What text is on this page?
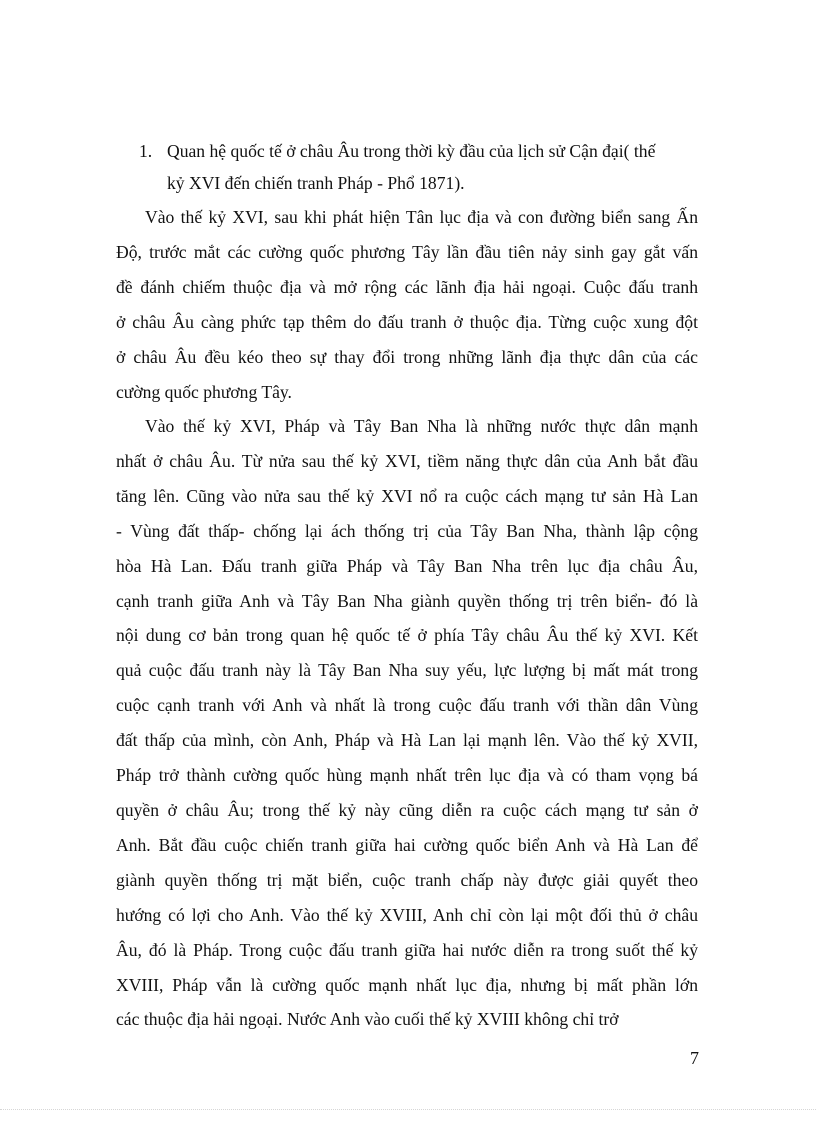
1. Quan hệ quốc tế ở châu Âu trong thời kỳ đầu của lịch sử Cận đại( thế
kỷ XVI đến chiến tranh Pháp - Phổ 1871).
Vào thế kỷ XVI, sau khi phát hiện Tân lục địa và con đường biển sang Ấn
Độ, trước mắt các cường quốc phương Tây lần đầu tiên nảy sinh gay gắt vấn
đề đánh chiếm thuộc địa và mở rộng các lãnh địa hải ngoại. Cuộc đấu tranh
ở châu Âu càng phức tạp thêm do đấu tranh ở thuộc địa. Từng cuộc xung đột
ở châu Âu đều kéo theo sự thay đổi trong những lãnh địa thực dân của các
cường quốc phương Tây.
Vào thế kỷ XVI, Pháp và Tây Ban Nha là những nước thực dân mạnh
nhất ở châu Âu. Từ nửa sau thế kỷ XVI, tiềm năng thực dân của Anh bắt đầu
tăng lên. Cũng vào nửa sau thế kỷ XVI nổ ra cuộc cách mạng tư sản Hà Lan
- Vùng đất thấp- chống lại ách thống trị của Tây Ban Nha, thành lập cộng
hòa Hà Lan. Đấu tranh giữa Pháp và Tây Ban Nha trên lục địa châu Âu,
cạnh tranh giữa Anh và Tây Ban Nha giành quyền thống trị trên biển- đó là
nội dung cơ bản trong quan hệ quốc tế ở phía Tây châu Âu thế kỷ XVI. Kết
quả cuộc đấu tranh này là Tây Ban Nha suy yếu, lực lượng bị mất mát trong
cuộc cạnh tranh với Anh và nhất là trong cuộc đấu tranh với thần dân Vùng
đất thấp của mình, còn Anh, Pháp và Hà Lan lại mạnh lên. Vào thế kỷ XVII,
Pháp trở thành cường quốc hùng mạnh nhất trên lục địa và có tham vọng bá
quyền ở châu Âu; trong thế kỷ này cũng diễn ra cuộc cách mạng tư sản ở
Anh. Bắt đầu cuộc chiến tranh giữa hai cường quốc biển Anh và Hà Lan để
giành quyền thống trị mặt biển, cuộc tranh chấp này được giải quyết theo
hướng có lợi cho Anh. Vào thế kỷ XVIII, Anh chỉ còn lại một đối thủ ở châu
Âu, đó là Pháp. Trong cuộc đấu tranh giữa hai nước diễn ra trong suốt thế kỷ
XVIII, Pháp vẫn là cường quốc mạnh nhất lục địa, nhưng bị mất phần lớn
các thuộc địa hải ngoại. Nước Anh vào cuối thế kỷ XVIII không chỉ trở
7
